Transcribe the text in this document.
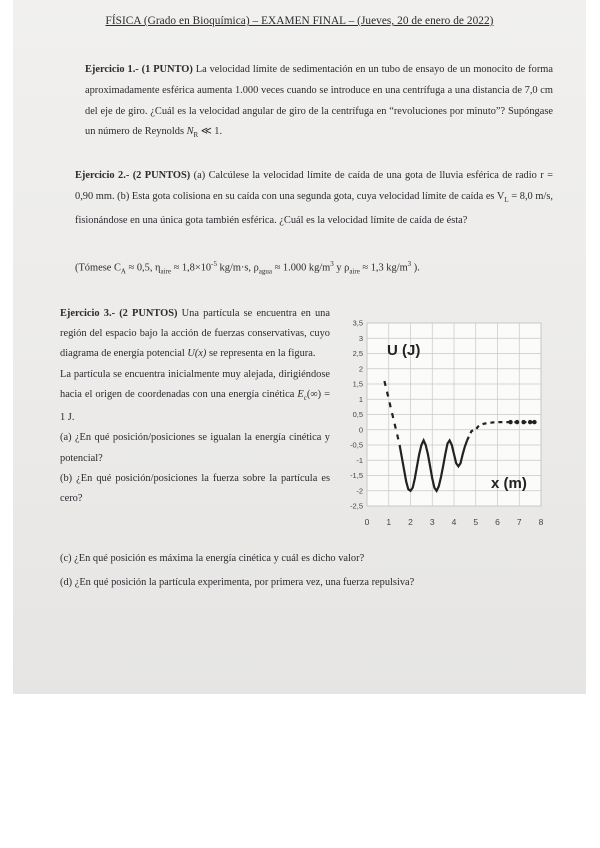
FÍSICA (Grado en Bioquímica) – EXAMEN FINAL – (Jueves, 20 de enero de 2022)
Ejercicio 1.- (1 PUNTO) La velocidad límite de sedimentación en un tubo de ensayo de un monocito de forma aproximadamente esférica aumenta 1.000 veces cuando se introduce en una centrífuga a una distancia de 7,0 cm del eje de giro. ¿Cuál es la velocidad angular de giro de la centrífuga en “revoluciones por minuto”? Supóngase un número de Reynolds $N_R$ ≪ 1.
Ejercicio 2.- (2 PUNTOS) (a) Calcúlese la velocidad límite de caída de una gota de lluvia esférica de radio r = 0,90 mm. (b) Esta gota colisiona en su caída con una segunda gota, cuya velocidad límite de caída es $V_L = 8,0$ m/s, fisionándose en una única gota también esférica. ¿Cuál es la velocidad límite de caída de ésta?
(Tómese $C_A \approx 0,5$, $\eta_{aire} \approx 1,8\times 10^{-5}$ kg/m·s, $\rho_{agua} \approx 1.000$ $kg/m^3$ y $\rho_{aire} \approx 1,3$ $kg/m^3$ ).
Ejercicio 3.- (2 PUNTOS) Una partícula se encuentra en una región del espacio bajo la acción de fuerzas conservativas, cuyo diagrama de energía potencial U(x) se representa en la figura.
La partícula se encuentra inicialmente muy alejada, dirigiéndose hacia el origen de coordenadas con una energía cinética $E_c(\infty) = 1$ J.
(a) ¿En qué posición/posiciones se igualan la energía cinética y potencial?
(b) ¿En qué posición/posiciones la fuerza sobre la partícula es cero?
(c) ¿En qué posición es máxima la energía cinética y cuál es dicho valor?
(d) ¿En qué posición la partícula experimenta, por primera vez, una fuerza repulsiva?
3,5
3
2,5
2
1,5
1
0,5
0
-0,5
-1
-1,5
-2
-2,5
0 1 2 3 4 5 6 7 8
U (J)
x (m)
